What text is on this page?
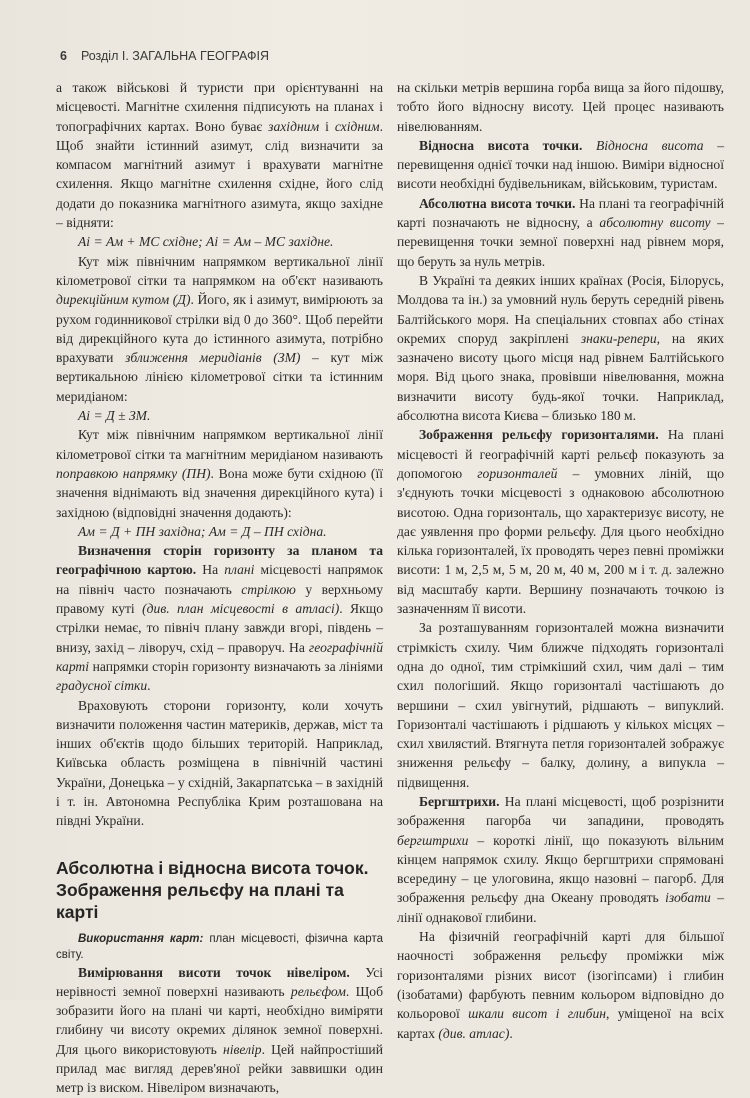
6 Розділ І. ЗАГАЛЬНА ГЕОГРАФІЯ

а також військові й туристи при орієнтуванні на місцевості. Магнітне схилення підписують на планах і топографічних картах. Воно буває західним і східним. Щоб знайти істинний азимут, слід визначити за компасом магнітний азимут і врахувати магнітне схилення. Якщо магнітне схилення східне, його слід додати до показника магнітного азимута, якщо західне – відняти:

Аі = Ам + МС східне; Аі = Ам – МС західне.

Кут між північним напрямком вертикальної лінії кілометрової сітки та напрямком на об'єкт називають дирекційним кутом (Д). Його, як і азимут, вимірюють за рухом годинникової стрілки від 0 до 360°. Щоб перейти від дирекційного кута до істинного азимута, потрібно врахувати зближення меридіанів (ЗМ) – кут між вертикальною лінією кілометрової сітки та істинним меридіаном:

Аі = Д ± ЗМ.

Кут між північним напрямком вертикальної лінії кілометрової сітки та магнітним меридіаном називають поправкою напрямку (ПН). Вона може бути східною (її значення віднімають від значення дирекційного кута) і західною (відповідні значення додають):

Ам = Д + ПН західна; Ам = Д – ПН східна.

Визначення сторін горизонту за планом та географічною картою. На плані місцевості напрямок на північ часто позначають стрілкою у верхньому правому куті (див. план місцевості в атласі). Якщо стрілки немає, то північ плану завжди вгорі, південь – внизу, захід – ліворуч, схід – праворуч. На географічній карті напрямки сторін горизонту визначають за лініями градусної сітки.

Враховують сторони горизонту, коли хочуть визначити положення частин материків, держав, міст та інших об'єктів щодо більших територій. Наприклад, Київська область розміщена в північній частині України, Донецька – у східній, Закарпатська – в західній і т. ін. Автономна Республіка Крим розташована на півдні України.

Абсолютна і відносна висота точок. Зображення рельєфу на плані та карті

Використання карт: план місцевості, фізична карта світу.

Вимірювання висоти точок нівеліром. Усі нерівності земної поверхні називають рельєфом. Щоб зобразити його на плані чи карті, необхідно виміряти глибину чи висоту окремих ділянок земної поверхні. Для цього використовують нівелір. Цей найпростіший прилад має вигляд дерев'яної рейки заввишки один метр із виском. Нівеліром визначають,

на скільки метрів вершина горба вища за його підошву, тобто його відносну висоту. Цей процес називають нівелюванням.

Відносна висота точки. Відносна висота – перевищення однієї точки над іншою. Виміри відносної висоти необхідні будівельникам, військовим, туристам.

Абсолютна висота точки. На плані та географічній карті позначають не відносну, а абсолютну висоту – перевищення точки земної поверхні над рівнем моря, що беруть за нуль метрів.

В Україні та деяких інших країнах (Росія, Білорусь, Молдова та ін.) за умовний нуль беруть середній рівень Балтійського моря. На спеціальних стовпах або стінах окремих споруд закріплені знаки-репери, на яких зазначено висоту цього місця над рівнем Балтійського моря. Від цього знака, провівши нівелювання, можна визначити висоту будь-якої точки. Наприклад, абсолютна висота Києва – близько 180 м.

Зображення рельєфу горизонталями. На плані місцевості й географічній карті рельєф показують за допомогою горизонталей – умовних ліній, що з'єднують точки місцевості з однаковою абсолютною висотою. Одна горизонталь, що характеризує висоту, не дає уявлення про форми рельєфу. Для цього необхідно кілька горизонталей, їх проводять через певні проміжки висоти: 1 м, 2,5 м, 5 м, 20 м, 40 м, 200 м і т. д. залежно від масштабу карти. Вершину позначають точкою із зазначенням її висоти.

За розташуванням горизонталей можна визначити стрімкість схилу. Чим ближче підходять горизонталі одна до одної, тим стрімкіший схил, чим далі – тим схил пологіший. Якщо горизонталі частішають до вершини – схил увігнутий, рідшають – випуклий. Горизонталі частішають і рідшають у кількох місцях – схил хвилястий. Втягнута петля горизонталей зображує зниження рельєфу – балку, долину, а випукла – підвищення.

Бергштрихи. На плані місцевості, щоб розрізнити зображення пагорба чи западини, проводять бергштрихи – короткі лінії, що показують вільним кінцем напрямок схилу. Якщо бергштрихи спрямовані всередину – це улоговина, якщо назовні – пагорб. Для зображення рельєфу дна Океану проводять ізобати – лінії однакової глибини.

На фізичній географічній карті для більшої наочності зображення рельєфу проміжки між горизонталями різних висот (ізогіпсами) і глибин (ізобатами) фарбують певним кольором відповідно до кольорової шкали висот і глибин, уміщеної на всіх картах (див. атлас).
